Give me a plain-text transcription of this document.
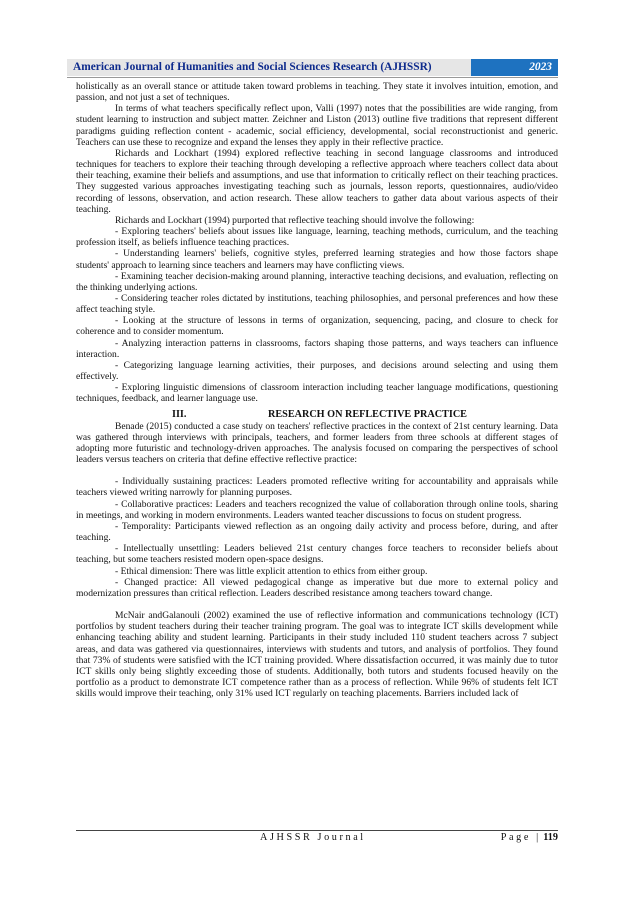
American Journal of Humanities and Social Sciences Research (AJHSSR)	2023

holistically as an overall stance or attitude taken toward problems in teaching. They state it involves intuition, emotion, and passion, and not just a set of techniques.

In terms of what teachers specifically reflect upon, Valli (1997) notes that the possibilities are wide ranging, from student learning to instruction and subject matter. Zeichner and Liston (2013) outline five traditions that represent different paradigms guiding reflection content - academic, social efficiency, developmental, social reconstructionist and generic. Teachers can use these to recognize and expand the lenses they apply in their reflective practice.

Richards and Lockhart (1994) explored reflective teaching in second language classrooms and introduced techniques for teachers to explore their teaching through developing a reflective approach where teachers collect data about their teaching, examine their beliefs and assumptions, and use that information to critically reflect on their teaching practices. They suggested various approaches investigating teaching such as journals, lesson reports, questionnaires, audio/video recording of lessons, observation, and action research. These allow teachers to gather data about various aspects of their teaching.

Richards and Lockhart (1994) purported that reflective teaching should involve the following:

- Exploring teachers' beliefs about issues like language, learning, teaching methods, curriculum, and the teaching profession itself, as beliefs influence teaching practices.

- Understanding learners' beliefs, cognitive styles, preferred learning strategies and how those factors shape students' approach to learning since teachers and learners may have conflicting views.

- Examining teacher decision-making around planning, interactive teaching decisions, and evaluation, reflecting on the thinking underlying actions.

- Considering teacher roles dictated by institutions, teaching philosophies, and personal preferences and how these affect teaching style.

- Looking at the structure of lessons in terms of organization, sequencing, pacing, and closure to check for coherence and to consider momentum.

- Analyzing interaction patterns in classrooms, factors shaping those patterns, and ways teachers can influence interaction.

- Categorizing language learning activities, their purposes, and decisions around selecting and using them effectively.

- Exploring linguistic dimensions of classroom interaction including teacher language modifications, questioning techniques, feedback, and learner language use.

III.	RESEARCH ON REFLECTIVE PRACTICE

Benade (2015) conducted a case study on teachers' reflective practices in the context of 21st century learning. Data was gathered through interviews with principals, teachers, and former leaders from three schools at different stages of adopting more futuristic and technology-driven approaches. The analysis focused on comparing the perspectives of school leaders versus teachers on criteria that define effective reflective practice:

- Individually sustaining practices: Leaders promoted reflective writing for accountability and appraisals while teachers viewed writing narrowly for planning purposes.

- Collaborative practices: Leaders and teachers recognized the value of collaboration through online tools, sharing in meetings, and working in modern environments. Leaders wanted teacher discussions to focus on student progress.

- Temporality: Participants viewed reflection as an ongoing daily activity and process before, during, and after teaching.

- Intellectually unsettling: Leaders believed 21st century changes force teachers to reconsider beliefs about teaching, but some teachers resisted modern open-space designs.

- Ethical dimension: There was little explicit attention to ethics from either group.

- Changed practice: All viewed pedagogical change as imperative but due more to external policy and modernization pressures than critical reflection. Leaders described resistance among teachers toward change.

McNair andGalanouli (2002) examined the use of reflective information and communications technology (ICT) portfolios by student teachers during their teacher training program. The goal was to integrate ICT skills development while enhancing teaching ability and student learning. Participants in their study included 110 student teachers across 7 subject areas, and data was gathered via questionnaires, interviews with students and tutors, and analysis of portfolios. They found that 73% of students were satisfied with the ICT training provided. Where dissatisfaction occurred, it was mainly due to tutor ICT skills only being slightly exceeding those of students. Additionally, both tutors and students focused heavily on the portfolio as a product to demonstrate ICT competence rather than as a process of reflection. While 96% of students felt ICT skills would improve their teaching, only 31% used ICT regularly on teaching placements. Barriers included lack of

AJHSSR Journal	Page | 119
